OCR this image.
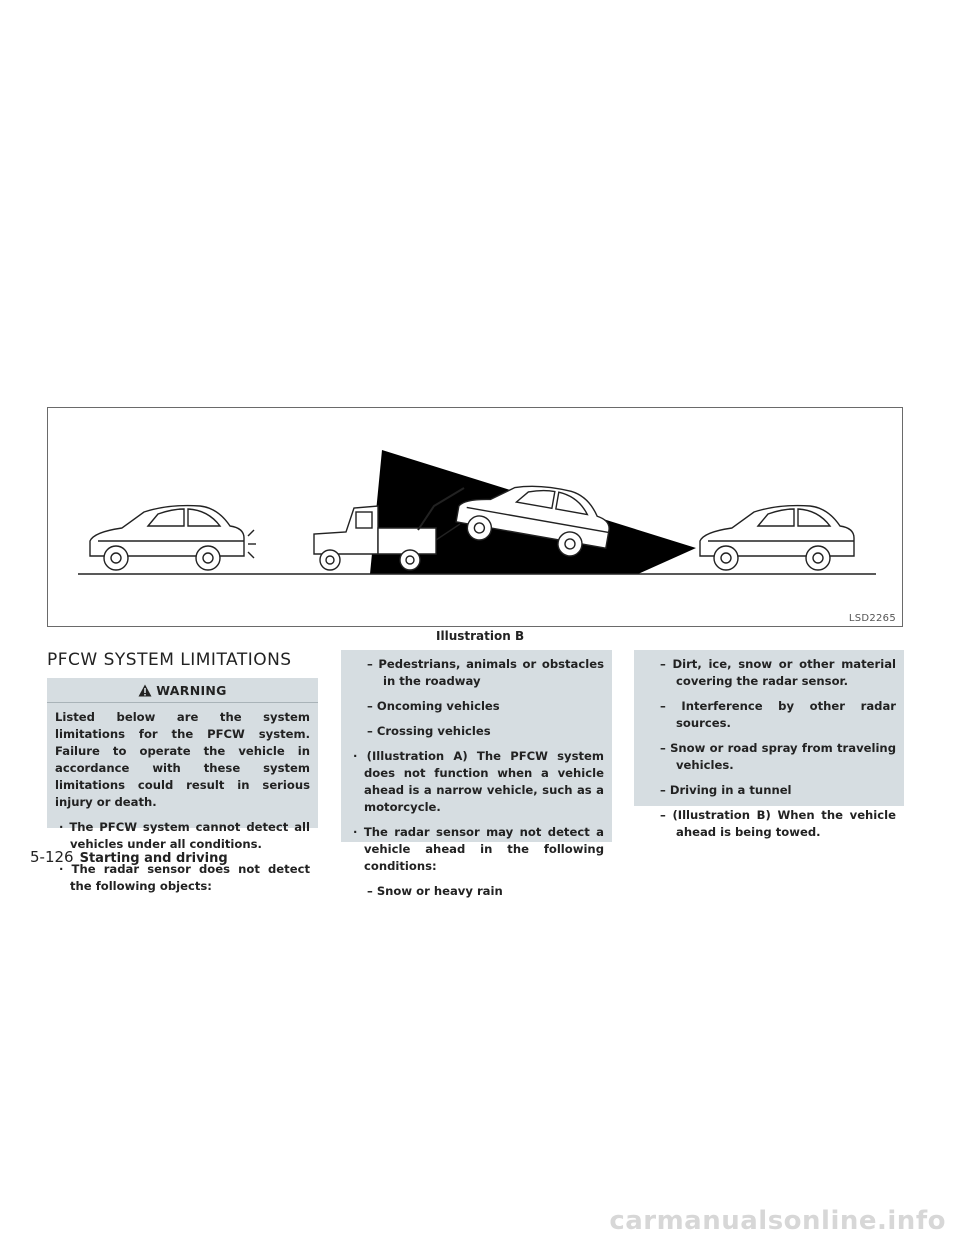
LSD2265
Illustration B
PFCW SYSTEM LIMITATIONS
WARNING

Listed below are the system limitations for the PFCW system. Failure to operate the vehicle in accordance with these system limitations could result in serious injury or death.

· The PFCW system cannot detect all vehicles under all conditions.

· The radar sensor does not detect the following objects:

– Pedestrians, animals or obstacles in the roadway

– Oncoming vehicles

– Crossing vehicles

· (Illustration A) The PFCW system does not function when a vehicle ahead is a narrow vehicle, such as a motorcycle.

· The radar sensor may not detect a vehicle ahead in the following conditions:

– Snow or heavy rain

– Dirt, ice, snow or other material covering the radar sensor.

– Interference by other radar sources.

– Snow or road spray from traveling vehicles.

– Driving in a tunnel

– (Illustration B) When the vehicle ahead is being towed.

5-126 Starting and driving
carmanualsonline.info
